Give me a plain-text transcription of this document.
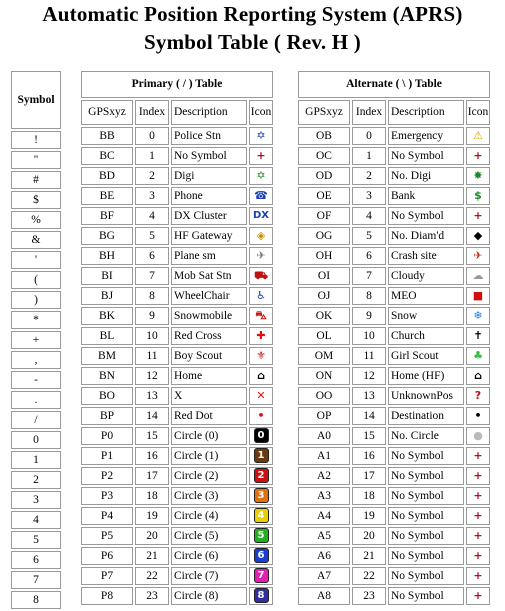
Automatic Position Reporting System (APRS)
Symbol Table ( Rev. H )
Symbol
!
"
#
$
%
&
'
(
)
*
+
,
-
.
/
0
1
2
3
4
5
6
7
8
Primary ( / ) Table			
GPSxyz	Index	Description	Icon
BB	0	Police Stn	✡
BC	1	No Symbol	+
BD	2	Digi	✡
BE	3	Phone	☎
BF	4	DX Cluster	DX
BG	5	HF Gateway	◈
BH	6	Plane sm	✈
BI	7	Mob Sat Stn	⛟
BJ	8	WheelChair	♿
BK	9	Snowmobile	⛍
BL	10	Red Cross	✚
BM	11	Boy Scout	⚜
BN	12	Home	⌂
BO	13	X	✕
BP	14	Red Dot	•
P0	15	Circle (0)	0
P1	16	Circle (1)	1
P2	17	Circle (2)	2
P3	18	Circle (3)	3
P4	19	Circle (4)	4
P5	20	Circle (5)	5
P6	21	Circle (6)	6
P7	22	Circle (7)	7
P8	23	Circle (8)	8
Alternate ( \ ) Table			
GPSxyz	Index	Description	Icon
OB	0	Emergency	⚠
OC	1	No Symbol	+
OD	2	No. Digi	✸
OE	3	Bank	$
OF	4	No Symbol	+
OG	5	No. Diam'd	◆
OH	6	Crash site	✈
OI	7	Cloudy	☁
OJ	8	MEO	■
OK	9	Snow	❄
OL	10	Church	✝
OM	11	Girl Scout	♣
ON	12	Home (HF)	⌂
OO	13	UnknownPos	?
OP	14	Destination	•
A0	15	No. Circle	●
A1	16	No Symbol	+
A2	17	No Symbol	+
A3	18	No Symbol	+
A4	19	No Symbol	+
A5	20	No Symbol	+
A6	21	No Symbol	+
A7	22	No Symbol	+
A8	23	No Symbol	+
